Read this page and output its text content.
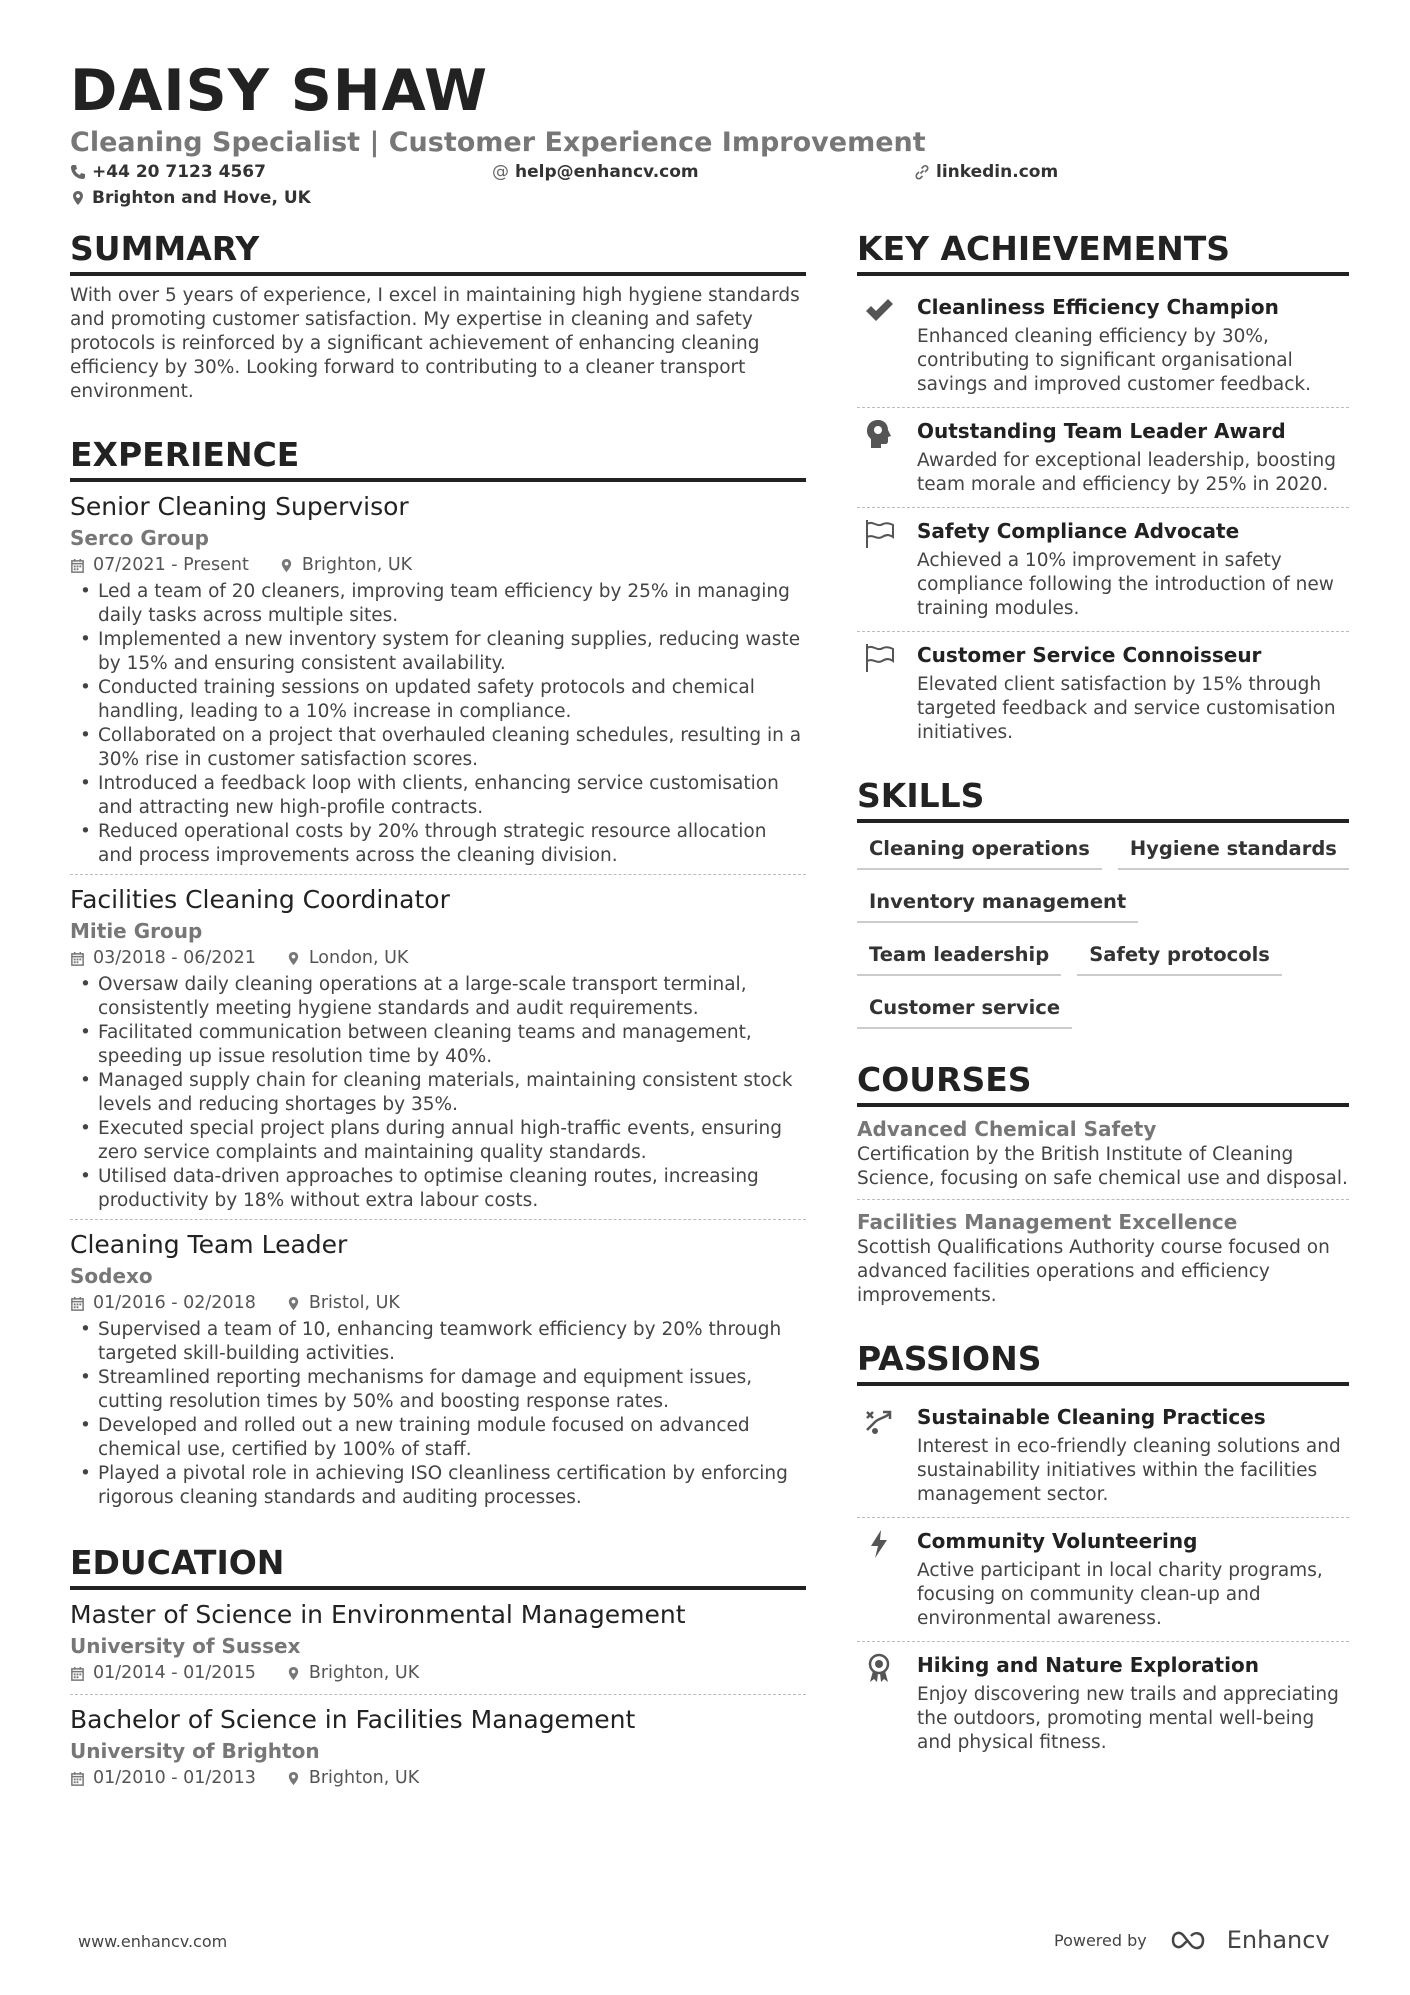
DAISY SHAW
Cleaning Specialist | Customer Experience Improvement
+44 20 7123 4567	@ help@enhancv.com	linkedin.com
Brighton and Hove, UK
SUMMARY
With over 5 years of experience, I excel in maintaining high hygiene standards and promoting customer satisfaction. My expertise in cleaning and safety protocols is reinforced by a significant achievement of enhancing cleaning efficiency by 30%. Looking forward to contributing to a cleaner transport environment.
EXPERIENCE
Senior Cleaning Supervisor
Serco Group
07/2021 - Present	Brighton, UK
• Led a team of 20 cleaners, improving team efficiency by 25% in managing daily tasks across multiple sites.
• Implemented a new inventory system for cleaning supplies, reducing waste by 15% and ensuring consistent availability.
• Conducted training sessions on updated safety protocols and chemical handling, leading to a 10% increase in compliance.
• Collaborated on a project that overhauled cleaning schedules, resulting in a 30% rise in customer satisfaction scores.
• Introduced a feedback loop with clients, enhancing service customisation and attracting new high-profile contracts.
• Reduced operational costs by 20% through strategic resource allocation and process improvements across the cleaning division.
Facilities Cleaning Coordinator
Mitie Group
03/2018 - 06/2021	London, UK
• Oversaw daily cleaning operations at a large-scale transport terminal, consistently meeting hygiene standards and audit requirements.
• Facilitated communication between cleaning teams and management, speeding up issue resolution time by 40%.
• Managed supply chain for cleaning materials, maintaining consistent stock levels and reducing shortages by 35%.
• Executed special project plans during annual high-traffic events, ensuring zero service complaints and maintaining quality standards.
• Utilised data-driven approaches to optimise cleaning routes, increasing productivity by 18% without extra labour costs.
Cleaning Team Leader
Sodexo
01/2016 - 02/2018	Bristol, UK
• Supervised a team of 10, enhancing teamwork efficiency by 20% through targeted skill-building activities.
• Streamlined reporting mechanisms for damage and equipment issues, cutting resolution times by 50% and boosting response rates.
• Developed and rolled out a new training module focused on advanced chemical use, certified by 100% of staff.
• Played a pivotal role in achieving ISO cleanliness certification by enforcing rigorous cleaning standards and auditing processes.
EDUCATION
Master of Science in Environmental Management
University of Sussex
01/2014 - 01/2015	Brighton, UK
Bachelor of Science in Facilities Management
University of Brighton
01/2010 - 01/2013	Brighton, UK
KEY ACHIEVEMENTS
Cleanliness Efficiency Champion
Enhanced cleaning efficiency by 30%, contributing to significant organisational savings and improved customer feedback.
Outstanding Team Leader Award
Awarded for exceptional leadership, boosting team morale and efficiency by 25% in 2020.
Safety Compliance Advocate
Achieved a 10% improvement in safety compliance following the introduction of new training modules.
Customer Service Connoisseur
Elevated client satisfaction by 15% through targeted feedback and service customisation initiatives.
SKILLS
Cleaning operations	Hygiene standards
Inventory management
Team leadership	Safety protocols
Customer service
COURSES
Advanced Chemical Safety
Certification by the British Institute of Cleaning Science, focusing on safe chemical use and disposal.
Facilities Management Excellence
Scottish Qualifications Authority course focused on advanced facilities operations and efficiency improvements.
PASSIONS
Sustainable Cleaning Practices
Interest in eco-friendly cleaning solutions and sustainability initiatives within the facilities management sector.
Community Volunteering
Active participant in local charity programs, focusing on community clean-up and environmental awareness.
Hiking and Nature Exploration
Enjoy discovering new trails and appreciating the outdoors, promoting mental well-being and physical fitness.
www.enhancv.com	Powered by	Enhancv
